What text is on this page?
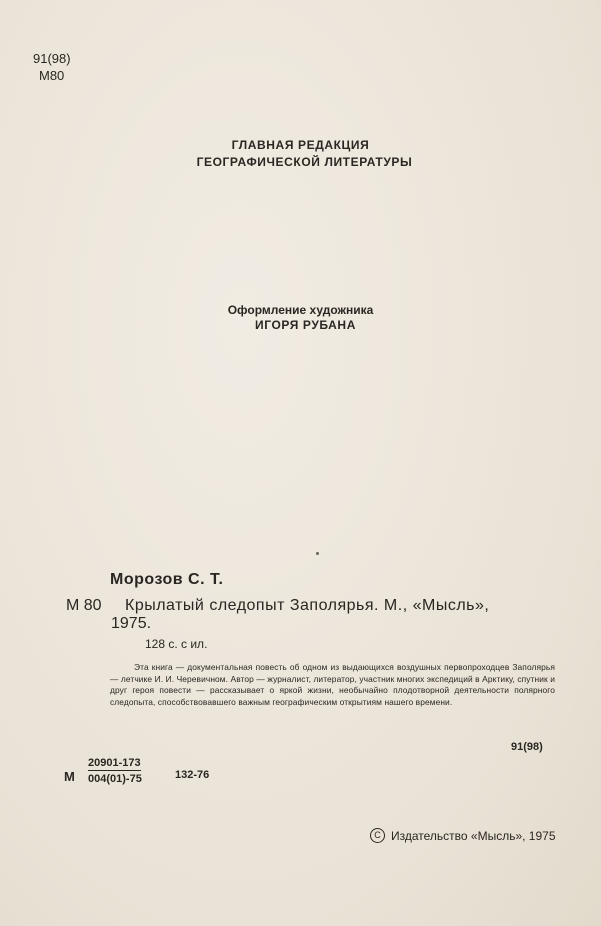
91(98)
М80
ГЛАВНАЯ РЕДАКЦИЯ
ГЕОГРАФИЧЕСКОЙ ЛИТЕРАТУРЫ
Оформление художника
ИГОРЯ РУБАНА
Морозов С. Т.
М 80 Крылатый следопыт Заполярья. М., «Мысль»,
1975.
128 с. с ил.
Эта книга — документальная повесть об одном из выдающихся воздушных первопроходцев Заполярья — летчике И. И. Черевичном. Автор — журналист, литератор, участник многих экспедиций в Арктику, спутник и друг героя повести — рассказывает о яркой жизни, необычайно плодотворной деятельности полярного следопыта, способствовавшего важным географическим открытиям нашего времени.
91(98)
М $\frac{20901-173}{004(01)-75}$	132-76
С Издательство «Мысль», 1975
